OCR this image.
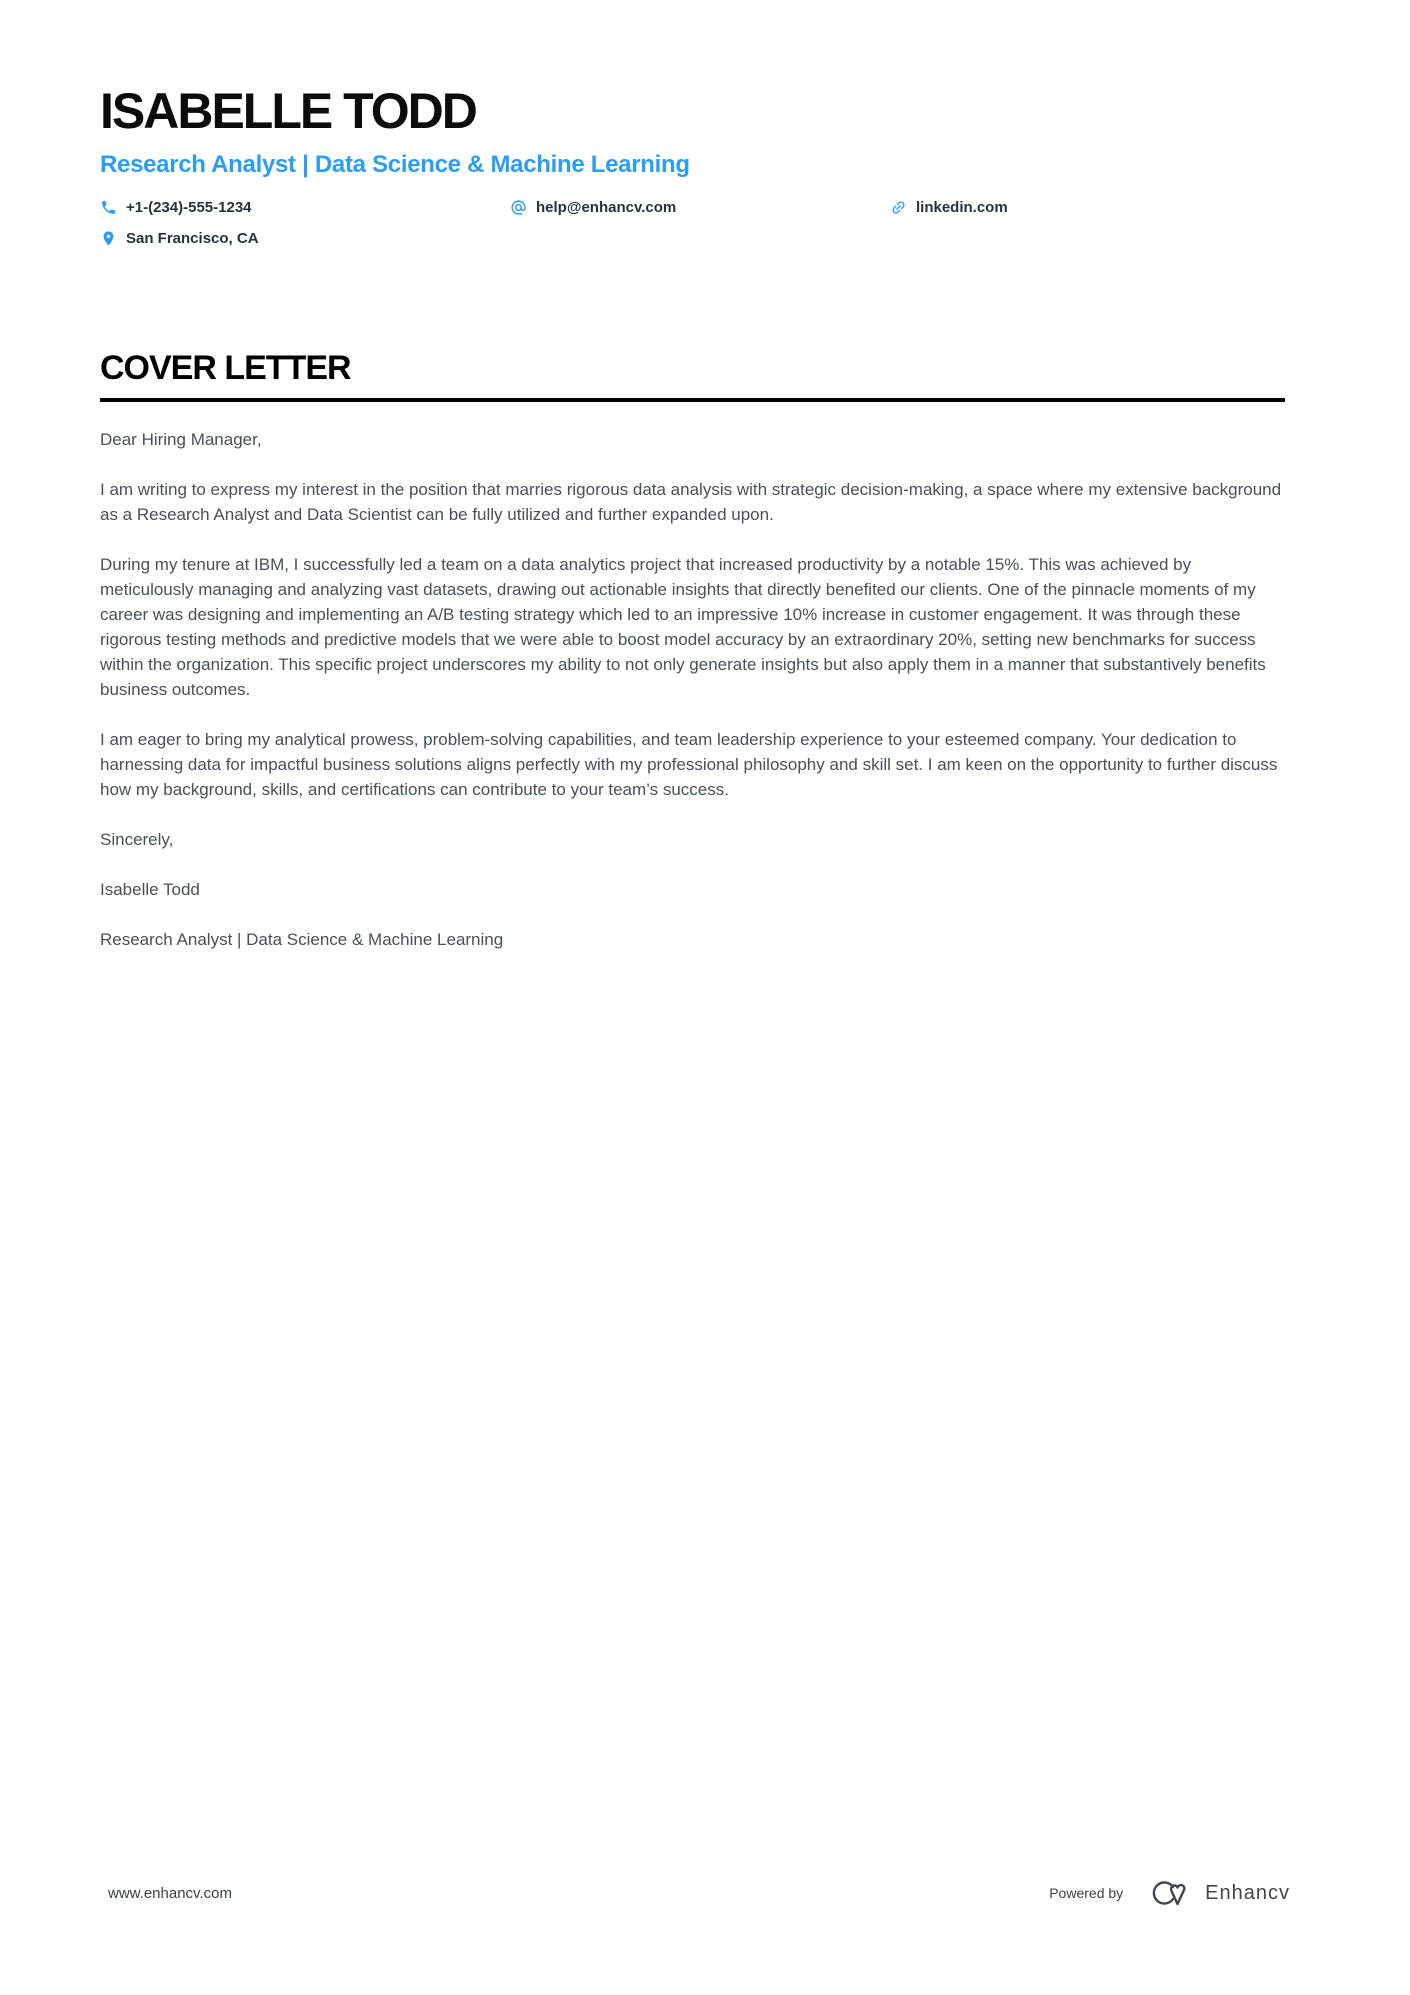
ISABELLE TODD
Research Analyst | Data Science & Machine Learning
+1-(234)-555-1234	help@enhancv.com	linkedin.com
San Francisco, CA
COVER LETTER

Dear Hiring Manager,

I am writing to express my interest in the position that marries rigorous data analysis with strategic decision-making, a space where my extensive background as a Research Analyst and Data Scientist can be fully utilized and further expanded upon.

During my tenure at IBM, I successfully led a team on a data analytics project that increased productivity by a notable 15%. This was achieved by meticulously managing and analyzing vast datasets, drawing out actionable insights that directly benefited our clients. One of the pinnacle moments of my career was designing and implementing an A/B testing strategy which led to an impressive 10% increase in customer engagement. It was through these rigorous testing methods and predictive models that we were able to boost model accuracy by an extraordinary 20%, setting new benchmarks for success within the organization. This specific project underscores my ability to not only generate insights but also apply them in a manner that substantively benefits business outcomes.

I am eager to bring my analytical prowess, problem-solving capabilities, and team leadership experience to your esteemed company. Your dedication to harnessing data for impactful business solutions aligns perfectly with my professional philosophy and skill set. I am keen on the opportunity to further discuss how my background, skills, and certifications can contribute to your team’s success.

Sincerely,

Isabelle Todd

Research Analyst | Data Science & Machine Learning

www.enhancv.com	Powered by	Enhancv
